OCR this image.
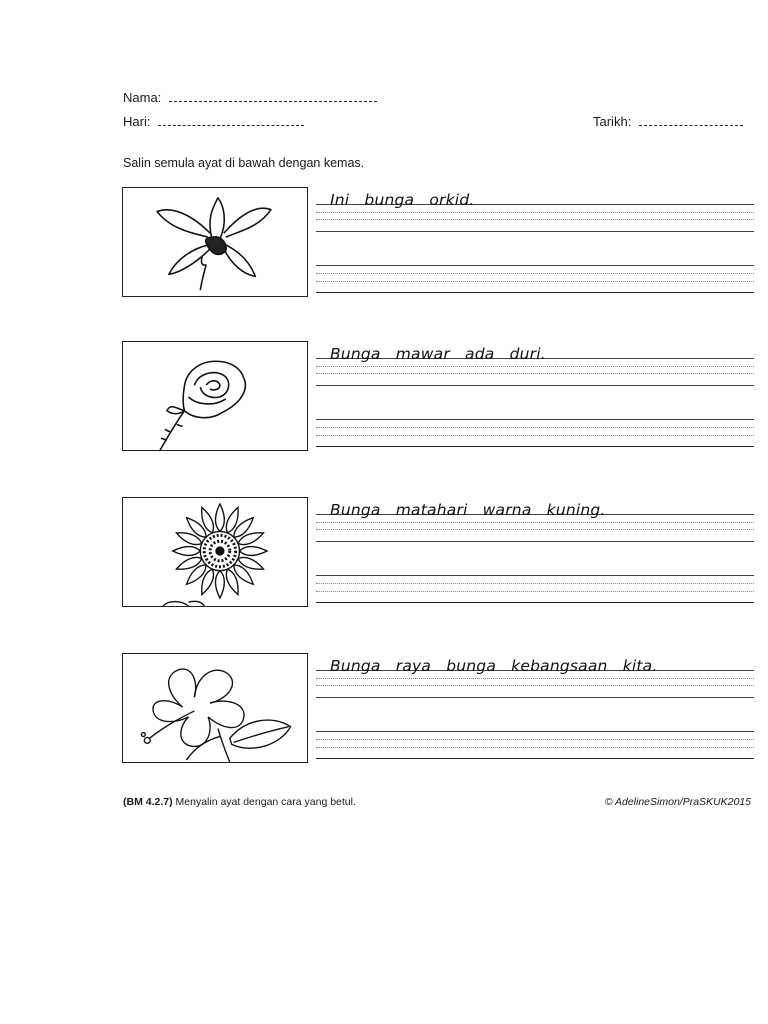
Nama:
Hari:	Tarikh:
Salin semula ayat di bawah dengan kemas.
Ini bunga orkid.
Bunga mawar ada duri.
Bunga matahari warna kuning.
Bunga raya bunga kebangsaan kita.
(BM 4.2.7) Menyalin ayat dengan cara yang betul.	© AdelineSimon/PraSKUK2015
